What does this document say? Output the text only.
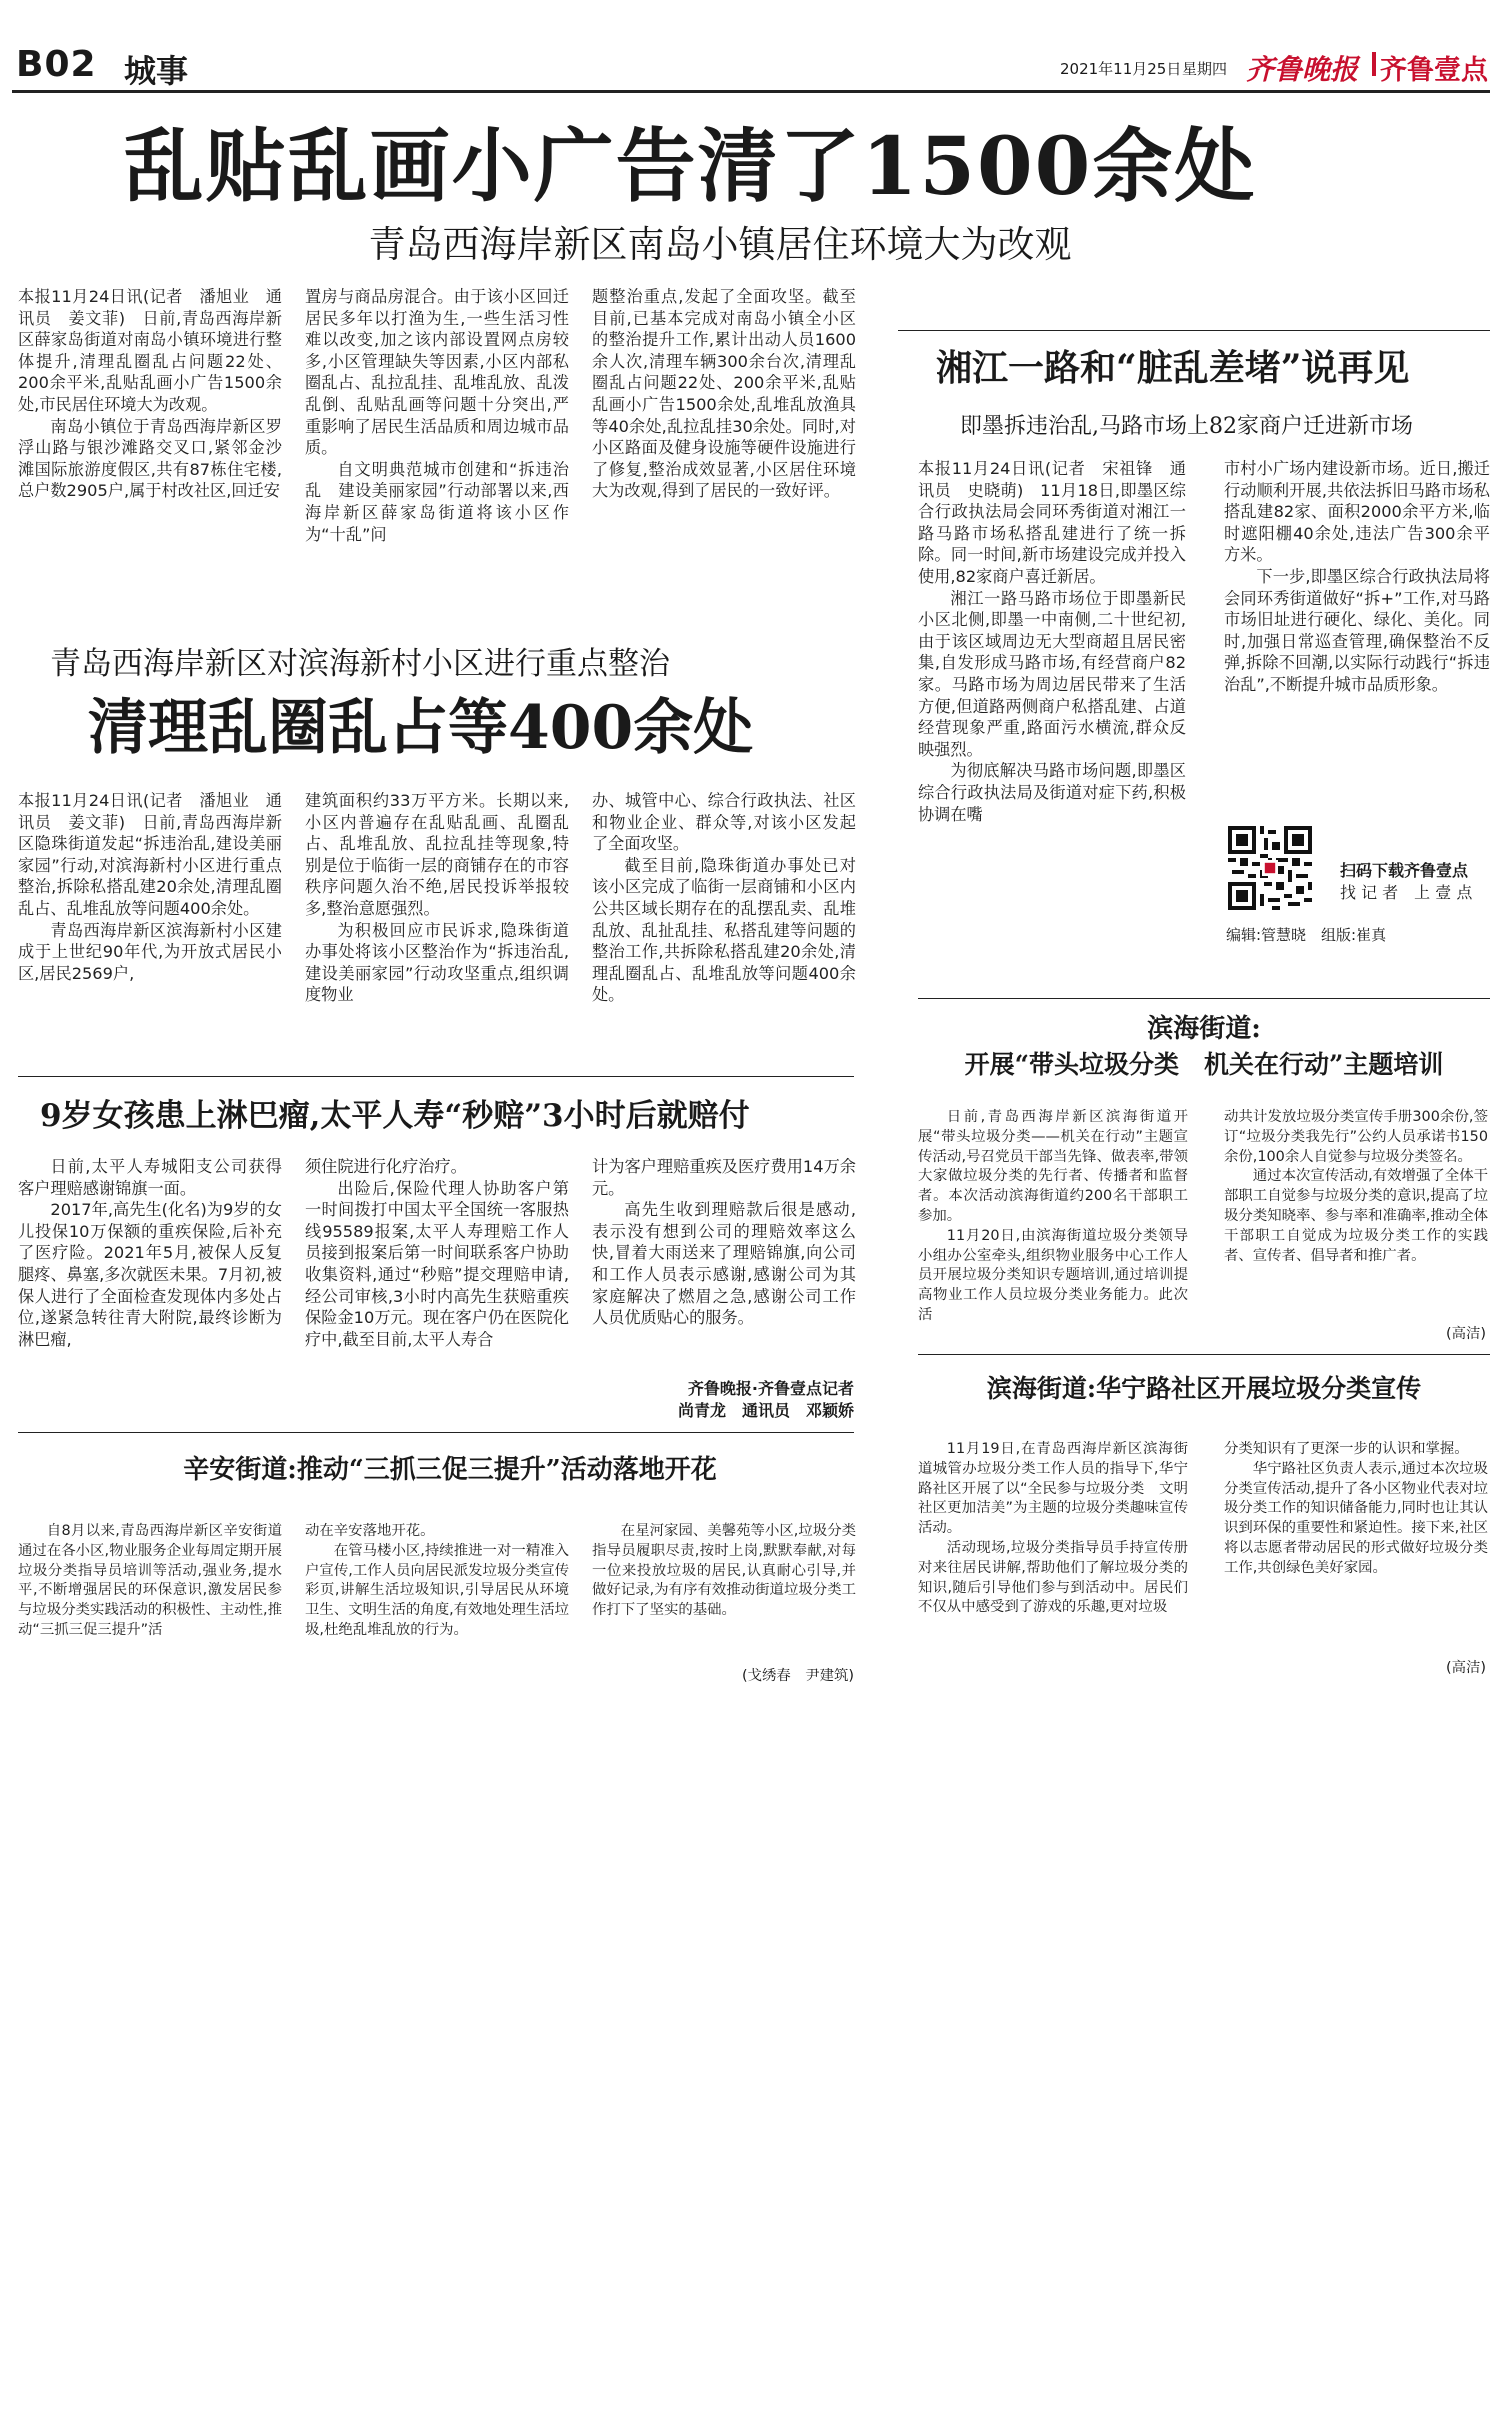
B02 城事	2021年11月25日 星期四 齐鲁晚报 齐鲁壹点
乱贴乱画小广告清了1500余处
青岛西海岸新区南岛小镇居住环境大为改观

本报11月24日讯(记者　潘旭业　通讯员　姜文菲)　日前,青岛西海岸新区薛家岛街道对南岛小镇环境进行整体提升,清理乱圈乱占问题22处、200余平米,乱贴乱画小广告1500余处,市民居住环境大为改观。

南岛小镇位于青岛西海岸新区罗浮山路与银沙滩路交叉口,紧邻金沙滩国际旅游度假区,共有87栋住宅楼,总户数2905户,属于村改社区,回迁安

置房与商品房混合。由于该小区回迁居民多年以打渔为生,一些生活习性难以改变,加之该内部设置网点房较多,小区管理缺失等因素,小区内部私圈乱占、乱拉乱挂、乱堆乱放、乱泼乱倒、乱贴乱画等问题十分突出,严重影响了居民生活品质和周边城市品质。

自文明典范城市创建和“拆违治乱　建设美丽家园”行动部署以来,西海岸新区薛家岛街道将该小区作为“十乱”问

题整治重点,发起了全面攻坚。截至目前,已基本完成对南岛小镇全小区的整治提升工作,累计出动人员1600余人次,清理车辆300余台次,清理乱圈乱占问题22处、200余平米,乱贴乱画小广告1500余处,乱堆乱放渔具等40余处,乱拉乱挂30余处。同时,对小区路面及健身设施等硬件设施进行了修复,整治成效显著,小区居住环境大为改观,得到了居民的一致好评。

青岛西海岸新区对滨海新村小区进行重点整治
清理乱圈乱占等400余处

本报11月24日讯(记者　潘旭业　通讯员　姜文菲)　日前,青岛西海岸新区隐珠街道发起“拆违治乱,建设美丽家园”行动,对滨海新村小区进行重点整治,拆除私搭乱建20余处,清理乱圈乱占、乱堆乱放等问题400余处。

青岛西海岸新区滨海新村小区建成于上世纪90年代,为开放式居民小区,居民2569户,

建筑面积约33万平方米。长期以来,小区内普遍存在乱贴乱画、乱圈乱占、乱堆乱放、乱拉乱挂等现象,特别是位于临街一层的商铺存在的市容秩序问题久治不绝,居民投诉举报较多,整治意愿强烈。

为积极回应市民诉求,隐珠街道办事处将该小区整治作为“拆违治乱,建设美丽家园”行动攻坚重点,组织调度物业

办、城管中心、综合行政执法、社区和物业企业、群众等,对该小区发起了全面攻坚。

截至目前,隐珠街道办事处已对该小区完成了临街一层商铺和小区内公共区域长期存在的乱摆乱卖、乱堆乱放、乱扯乱挂、私搭乱建等问题的整治工作,共拆除私搭乱建20余处,清理乱圈乱占、乱堆乱放等问题400余处。

9岁女孩患上淋巴瘤,太平人寿“秒赔”3小时后就赔付

日前,太平人寿城阳支公司获得客户理赔感谢锦旗一面。

2017年,高先生(化名)为9岁的女儿投保10万保额的重疾保险,后补充了医疗险。2021年5月,被保人反复腿疼、鼻塞,多次就医未果。7月初,被保人进行了全面检查发现体内多处占位,遂紧急转往青大附院,最终诊断为淋巴瘤,

须住院进行化疗治疗。

出险后,保险代理人协助客户第一时间拨打中国太平全国统一客服热线95589报案,太平人寿理赔工作人员接到报案后第一时间联系客户协助收集资料,通过“秒赔”提交理赔申请,经公司审核,3小时内高先生获赔重疾保险金10万元。现在客户仍在医院化疗中,截至目前,太平人寿合

计为客户理赔重疾及医疗费用14万余元。

高先生收到理赔款后很是感动,表示没有想到公司的理赔效率这么快,冒着大雨送来了理赔锦旗,向公司和工作人员表示感谢,感谢公司为其家庭解决了燃眉之急,感谢公司工作人员优质贴心的服务。

齐鲁晚报·齐鲁壹点记者
尚青龙　通讯员　邓颖娇
辛安街道:推动“三抓三促三提升”活动落地开花

自8月以来,青岛西海岸新区辛安街道通过在各小区,物业服务企业每周定期开展垃圾分类指导员培训等活动,强业务,提水平,不断增强居民的环保意识,激发居民参与垃圾分类实践活动的积极性、主动性,推动“三抓三促三提升”活

动在辛安落地开花。

在管马楼小区,持续推进一对一精准入户宣传,工作人员向居民派发垃圾分类宣传彩页,讲解生活垃圾知识,引导居民从环境卫生、文明生活的角度,有效地处理生活垃圾,杜绝乱堆乱放的行为。

在星河家园、美馨苑等小区,垃圾分类指导员履职尽责,按时上岗,默默奉献,对每一位来投放垃圾的居民,认真耐心引导,并做好记录,为有序有效推动街道垃圾分类工作打下了坚实的基础。

(戈绣春　尹建筑)
湘江一路和“脏乱差堵”说再见
即墨拆违治乱,马路市场上82家商户迁进新市场

本报11月24日讯(记者　宋祖锋　通讯员　史晓萌)　11月18日,即墨区综合行政执法局会同环秀街道对湘江一路马路市场私搭乱建进行了统一拆除。同一时间,新市场建设完成并投入使用,82家商户喜迁新居。

湘江一路马路市场位于即墨新民小区北侧,即墨一中南侧,二十世纪初,由于该区域周边无大型商超且居民密集,自发形成马路市场,有经营商户82家。马路市场为周边居民带来了生活方便,但道路两侧商户私搭乱建、占道经营现象严重,路面污水横流,群众反映强烈。

为彻底解决马路市场问题,即墨区综合行政执法局及街道对症下药,积极协调在嘴

市村小广场内建设新市场。近日,搬迁行动顺利开展,共依法拆旧马路市场私搭乱建82家、面积2000余平方米,临时遮阳棚40余处,违法广告300余平方米。

下一步,即墨区综合行政执法局将会同环秀街道做好“拆+”工作,对马路市场旧址进行硬化、绿化、美化。同时,加强日常巡查管理,确保整治不反弹,拆除不回潮,以实际行动践行“拆违治乱”,不断提升城市品质形象。

扫码下载齐鲁壹点
找 记 者　上 壹 点
编辑:管慧晓　组版:崔真
滨海街道:
开展“带头垃圾分类　机关在行动”主题培训

日前,青岛西海岸新区滨海街道开展“带头垃圾分类——机关在行动”主题宣传活动,号召党员干部当先锋、做表率,带领大家做垃圾分类的先行者、传播者和监督者。本次活动滨海街道约200名干部职工参加。

11月20日,由滨海街道垃圾分类领导小组办公室牵头,组织物业服务中心工作人员开展垃圾分类知识专题培训,通过培训提高物业工作人员垃圾分类业务能力。此次活

动共计发放垃圾分类宣传手册300余份,签订“垃圾分类我先行”公约人员承诺书150余份,100余人自觉参与垃圾分类签名。

通过本次宣传活动,有效增强了全体干部职工自觉参与垃圾分类的意识,提高了垃圾分类知晓率、参与率和准确率,推动全体干部职工自觉成为垃圾分类工作的实践者、宣传者、倡导者和推广者。

(高洁)
滨海街道:华宁路社区开展垃圾分类宣传

11月19日,在青岛西海岸新区滨海街道城管办垃圾分类工作人员的指导下,华宁路社区开展了以“全民参与垃圾分类　文明社区更加洁美”为主题的垃圾分类趣味宣传活动。

活动现场,垃圾分类指导员手持宣传册对来往居民讲解,帮助他们了解垃圾分类的知识,随后引导他们参与到活动中。居民们不仅从中感受到了游戏的乐趣,更对垃圾

分类知识有了更深一步的认识和掌握。

华宁路社区负责人表示,通过本次垃圾分类宣传活动,提升了各小区物业代表对垃圾分类工作的知识储备能力,同时也让其认识到环保的重要性和紧迫性。接下来,社区将以志愿者带动居民的形式做好垃圾分类工作,共创绿色美好家园。

(高洁)
